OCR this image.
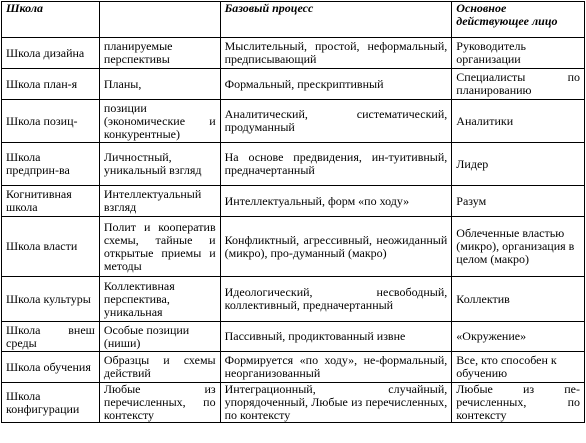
Школа		Базовый процесс	Основное действующее лицо
Школа дизайна	планируемые перспективы	Мыслительный, простой, неформальный, предписывающий	Руководитель организации
Школа план-я	Планы,	Формальный, прескриптивный	Специалисты по планированию
Школа позиц-	позиции (экономические и конкурентные)	Аналитический, систематический, продуманный	Аналитики
Школа предприн-ва	Личностный, уникальный взгляд	На основе предвидения, ин-туитивный, предначертанный	Лидер
Когнитивная школа	Интеллектуальный взгляд	Интеллектуальный, форм «по ходу»	Разум
Школа власти	Полит и кооператив схемы, тайные и открытые приемы и методы	Конфликтный, агрессивный, неожиданный (микро), про-думанный (макро)	Облеченные властью (микро), организация в целом (макро)
Школа культуры	Коллективная перспектива, уникальная	Идеологический, несвободный, коллективный, предначертанный	Коллектив
Школа внеш среды	Особые позиции (ниши)	Пассивный, продиктованный извне	«Окружение»
Школа обучения	Образцы и схемы действий	Формируется «по ходу», не-формальный, неорганизованный	Все, кто способен к обучению
Школа конфигурации	Любые из перечисленных, по контексту	Интеграционный, случайный, упорядоченный, Любые из перечисленных, по контексту	Любые из пе-речисленных, по контексту
